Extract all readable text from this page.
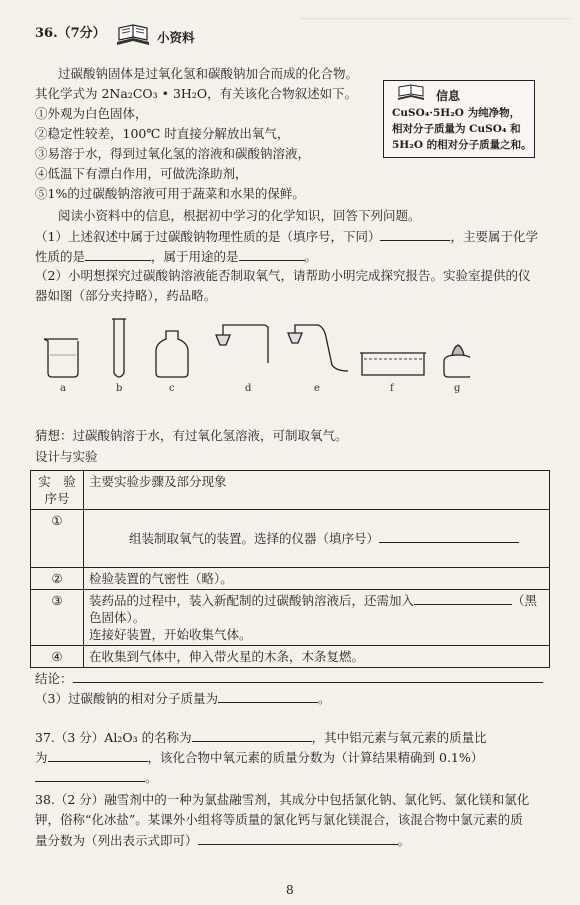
36.（7分）	小资料
过碳酸钠固体是过氧化氢和碳酸钠加合而成的化合物。
其化学式为 2Na₂CO₃ • 3H₂O，有关该化合物叙述如下。
①外观为白色固体，
②稳定性较差，100℃ 时直接分解放出氧气，
③易溶于水，得到过氧化氢的溶液和碳酸钠溶液，
④低温下有漂白作用，可做洗涤助剂，
⑤1%的过碳酸钠溶液可用于蔬菜和水果的保鲜。
信息
CuSO₄·5H₂O 为纯净物，
相对分子质量为 CuSO₄ 和
5H₂O 的相对分子质量之和。
阅读小资料中的信息，根据初中学习的化学知识，回答下列问题。
（1）上述叙述中属于过碳酸钠物理性质的是（填序号，下同）	，主要属于化学
性质的是	，属于用途的是	。
（2）小明想探究过碳酸钠溶液能否制取氧气，请帮助小明完成探究报告。实验室提供的仪
器如图（部分夹持略），药品略。
a	b	c	d	e	f	g
猜想：过碳酸钠溶于水，有过氧化氢溶液，可制取氧气。
设计与实验
实　验
序号	主要实验步骤及部分现象
①	组装制取氧气的装置。选择的仪器（填序号）
②	检验装置的气密性（略）。
③	装药品的过程中，装入新配制的过碳酸钠溶液后，还需加入 （黑色固体）。
连接好装置，开始收集气体。
④	在收集到气体中，伸入带火星的木条，木条复燃。
结论：
（3）过碳酸钠的相对分子质量为	。
37.（3 分）Al₂O₃ 的名称为	，其中铝元素与氧元素的质量比
为	，该化合物中氧元素的质量分数为（计算结果精确到 0.1%）
。
38.（2 分）融雪剂中的一种为氯盐融雪剂，其成分中包括氯化钠、氯化钙、氯化镁和氯化
钾，俗称“化冰盐”。某课外小组将等质量的氯化钙与氯化镁混合，该混合物中氯元素的质
量分数为（列出表示式即可）	。
8
